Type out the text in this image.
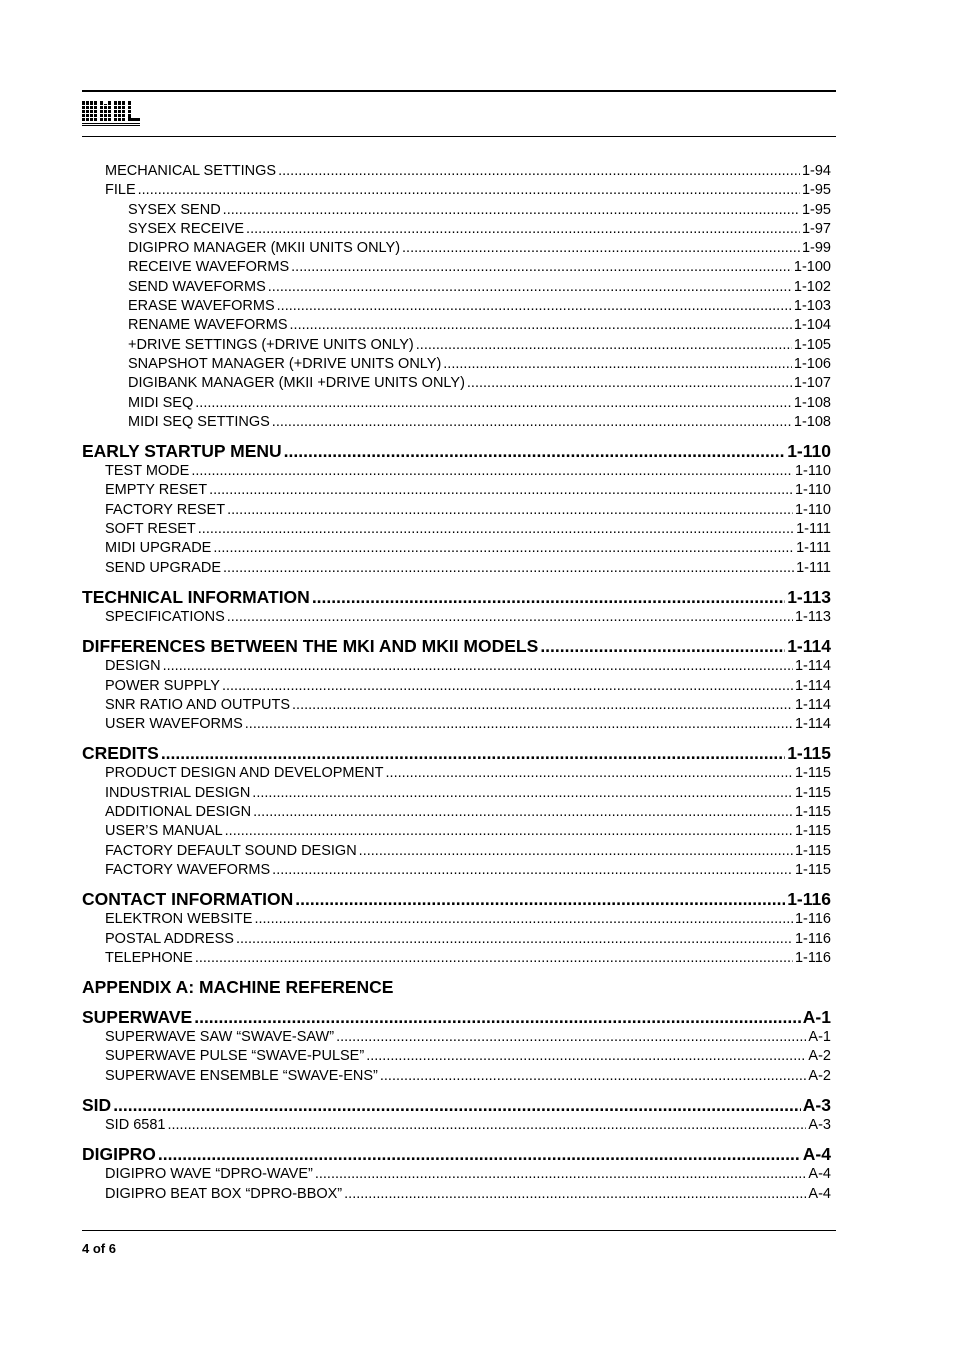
MECHANICAL SETTINGS .....	1-94
FILE .....	1-95
SYSEX SEND .....	1-95
SYSEX RECEIVE .....	1-97
DIGIPRO MANAGER (MKII UNITS ONLY) .....	1-99
RECEIVE WAVEFORMS .....	1-100
SEND WAVEFORMS .....	1-102
ERASE WAVEFORMS .....	1-103
RENAME WAVEFORMS .....	1-104
+DRIVE SETTINGS (+DRIVE UNITS ONLY) .....	1-105
SNAPSHOT MANAGER (+DRIVE UNITS ONLY) .....	1-106
DIGIBANK MANAGER (MKII +DRIVE UNITS ONLY) .....	1-107
MIDI SEQ .....	1-108
MIDI SEQ SETTINGS .....	1-108
EARLY STARTUP MENU .....	1-110
TEST MODE .....	1-110
EMPTY RESET .....	1-110
FACTORY RESET .....	1-110
SOFT RESET .....	1-111
MIDI UPGRADE .....	1-111
SEND UPGRADE .....	1-111
TECHNICAL INFORMATION .....	1-113
SPECIFICATIONS .....	1-113
DIFFERENCES BETWEEN THE MKI AND MKII MODELS .....	1-114
DESIGN .....	1-114
POWER SUPPLY .....	1-114
SNR RATIO AND OUTPUTS .....	1-114
USER WAVEFORMS .....	1-114
CREDITS .....	1-115
PRODUCT DESIGN AND DEVELOPMENT .....	1-115
INDUSTRIAL DESIGN .....	1-115
ADDITIONAL DESIGN .....	1-115
USER’S MANUAL .....	1-115
FACTORY DEFAULT SOUND DESIGN .....	1-115
FACTORY WAVEFORMS .....	1-115
CONTACT INFORMATION .....	1-116
ELEKTRON WEBSITE .....	1-116
POSTAL ADDRESS .....	1-116
TELEPHONE .....	1-116
APPENDIX A: MACHINE REFERENCE
SUPERWAVE .....	A-1
SUPERWAVE SAW “SWAVE-SAW” .....	A-1
SUPERWAVE PULSE “SWAVE-PULSE” .....	A-2
SUPERWAVE ENSEMBLE “SWAVE-ENS” .....	A-2
SID .....	A-3
SID 6581 .....	A-3
DIGIPRO .....	A-4
DIGIPRO WAVE “DPRO-WAVE” .....	A-4
DIGIPRO BEAT BOX “DPRO-BBOX” .....	A-4
4 of 6
